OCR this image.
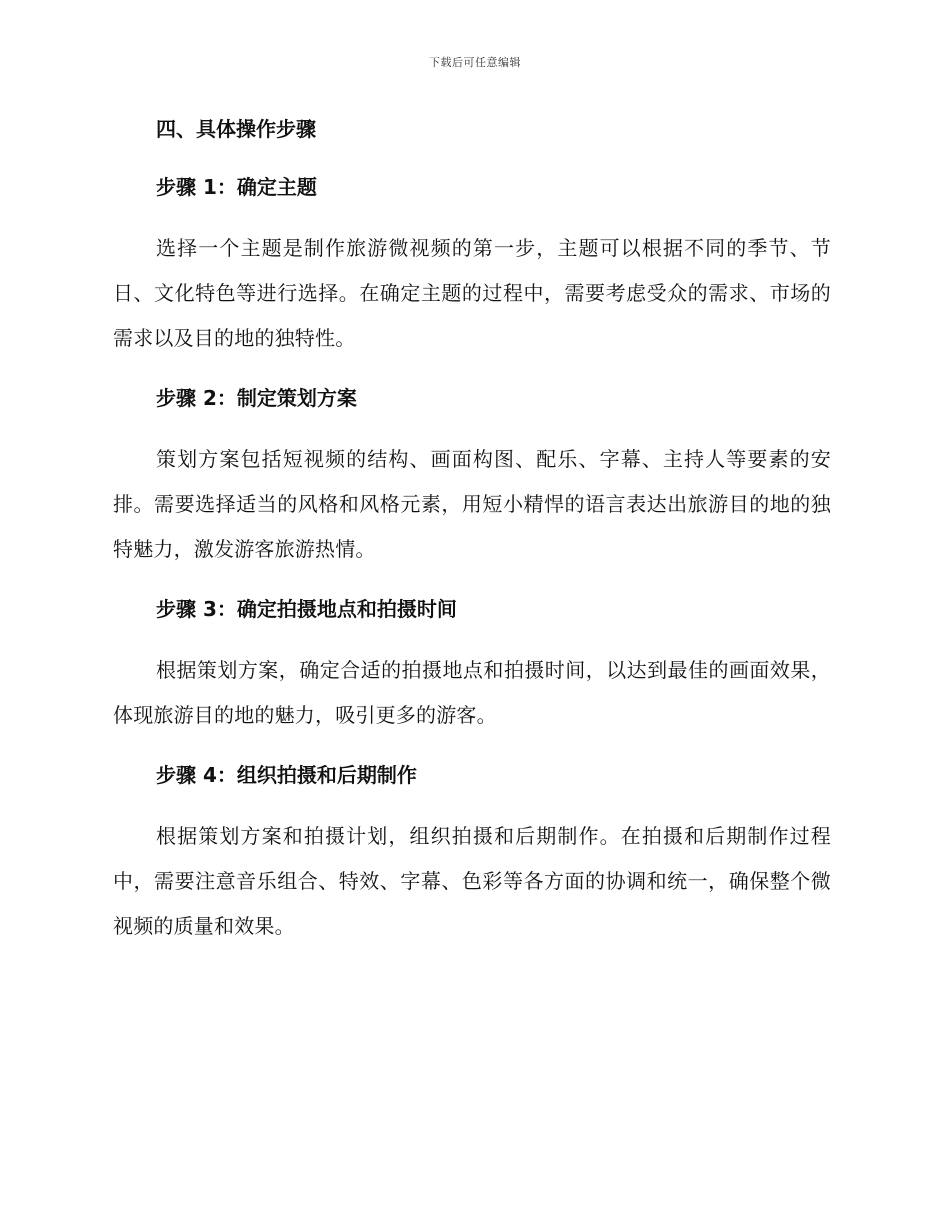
下载后可任意编辑

四、具体操作步骤

步骤 1：确定主题

选择一个主题是制作旅游微视频的第一步，主题可以根据不同的季节、节日、文化特色等进行选择。在确定主题的过程中，需要考虑受众的需求、市场的需求以及目的地的独特性。

步骤 2：制定策划方案

策划方案包括短视频的结构、画面构图、配乐、字幕、主持人等要素的安排。需要选择适当的风格和风格元素，用短小精悍的语言表达出旅游目的地的独特魅力，激发游客旅游热情。

步骤 3：确定拍摄地点和拍摄时间

根据策划方案，确定合适的拍摄地点和拍摄时间，以达到最佳的画面效果，体现旅游目的地的魅力，吸引更多的游客。

步骤 4：组织拍摄和后期制作

根据策划方案和拍摄计划，组织拍摄和后期制作。在拍摄和后期制作过程中，需要注意音乐组合、特效、字幕、色彩等各方面的协调和统一，确保整个微视频的质量和效果。
